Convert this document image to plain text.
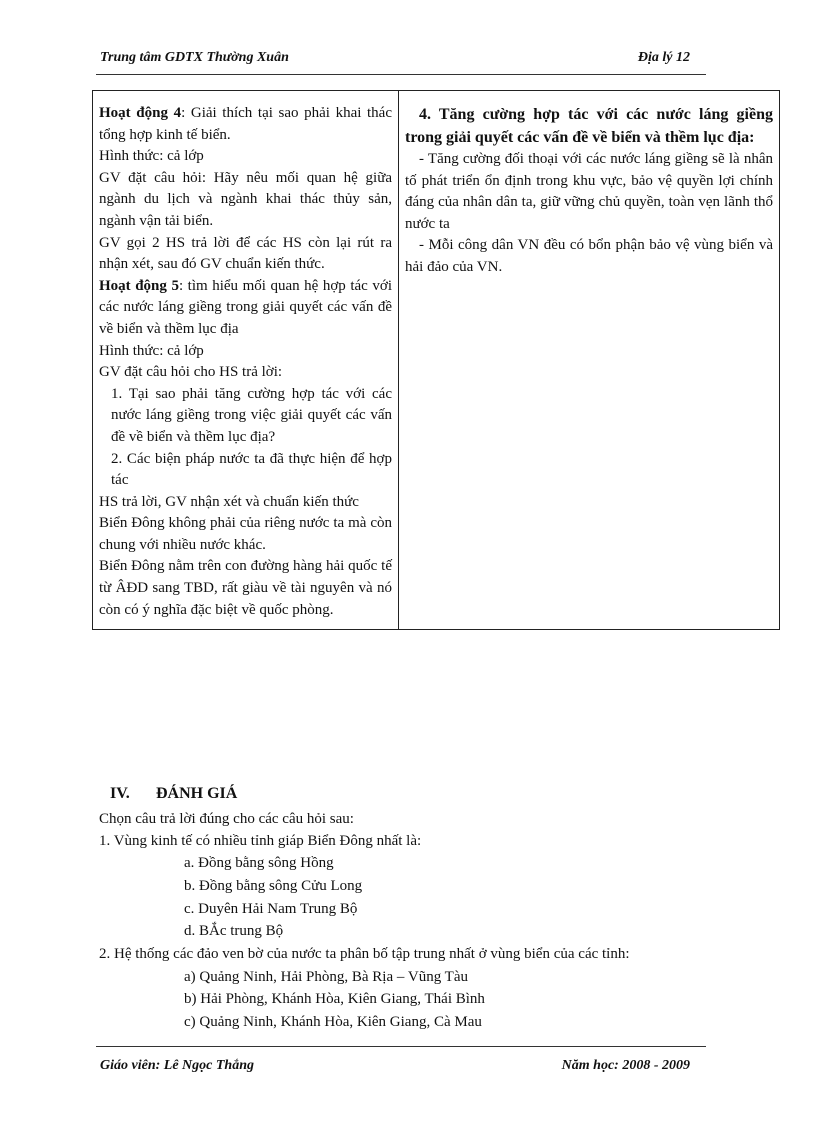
Trung tâm GDTX Thường Xuân	Địa lý 12
Hoạt động 4: Giải thích tại sao phải khai thác tổng hợp kinh tế biển.
Hình thức: cả lớp
GV đặt câu hỏi: Hãy nêu mối quan hệ giữa ngành du lịch và ngành khai thác thủy sản, ngành vận tải biển.
GV gọi 2 HS trả lời để các HS còn lại rút ra nhận xét, sau đó GV chuẩn kiến thức.
Hoạt động 5: tìm hiểu mối quan hệ hợp tác với các nước láng giềng trong giải quyết các vấn đề về biển và thềm lục địa
Hình thức: cả lớp
GV đặt câu hỏi cho HS trả lời:
1. Tại sao phải tăng cường hợp tác với các nước láng giềng trong việc giải quyết các vấn đề về biển và thềm lục địa?
2. Các biện pháp nước ta đã thực hiện để hợp tác
HS trả lời, GV nhận xét và chuẩn kiến thức
Biển Đông không phải của riêng nước ta mà còn chung với nhiều nước khác.
Biển Đông nằm trên con đường hàng hải quốc tế từ ÂĐD sang TBD, rất giàu về tài nguyên và nó còn có ý nghĩa đặc biệt về quốc phòng.

4. Tăng cường hợp tác với các nước láng giềng trong giải quyết các vấn đề về biển và thềm lục địa:
- Tăng cường đối thoại với các nước láng giềng sẽ là nhân tố phát triển ổn định trong khu vực, bảo vệ quyền lợi chính đáng của nhân dân ta, giữ vững chủ quyền, toàn vẹn lãnh thổ nước ta
- Mỗi công dân VN đều có bổn phận bảo vệ vùng biển và hải đảo của VN.
IV. ĐÁNH GIÁ
Chọn câu trả lời đúng cho các câu hỏi sau:
1. Vùng kinh tế có nhiều tỉnh giáp Biển Đông nhất là:
a. Đồng bằng sông Hồng
b. Đồng bằng sông Cửu Long
c. Duyên Hải Nam Trung Bộ
d. BẮc trung Bộ
2. Hệ thống các đảo ven bờ của nước ta phân bố tập trung nhất ở vùng biển của các tỉnh:
a) Quảng Ninh, Hải Phòng, Bà Rịa – Vũng Tàu
b) Hải Phòng, Khánh Hòa, Kiên Giang, Thái Bình
c) Quảng Ninh, Khánh Hòa, Kiên Giang, Cà Mau
Giáo viên: Lê Ngọc Thắng	Năm học: 2008 - 2009
